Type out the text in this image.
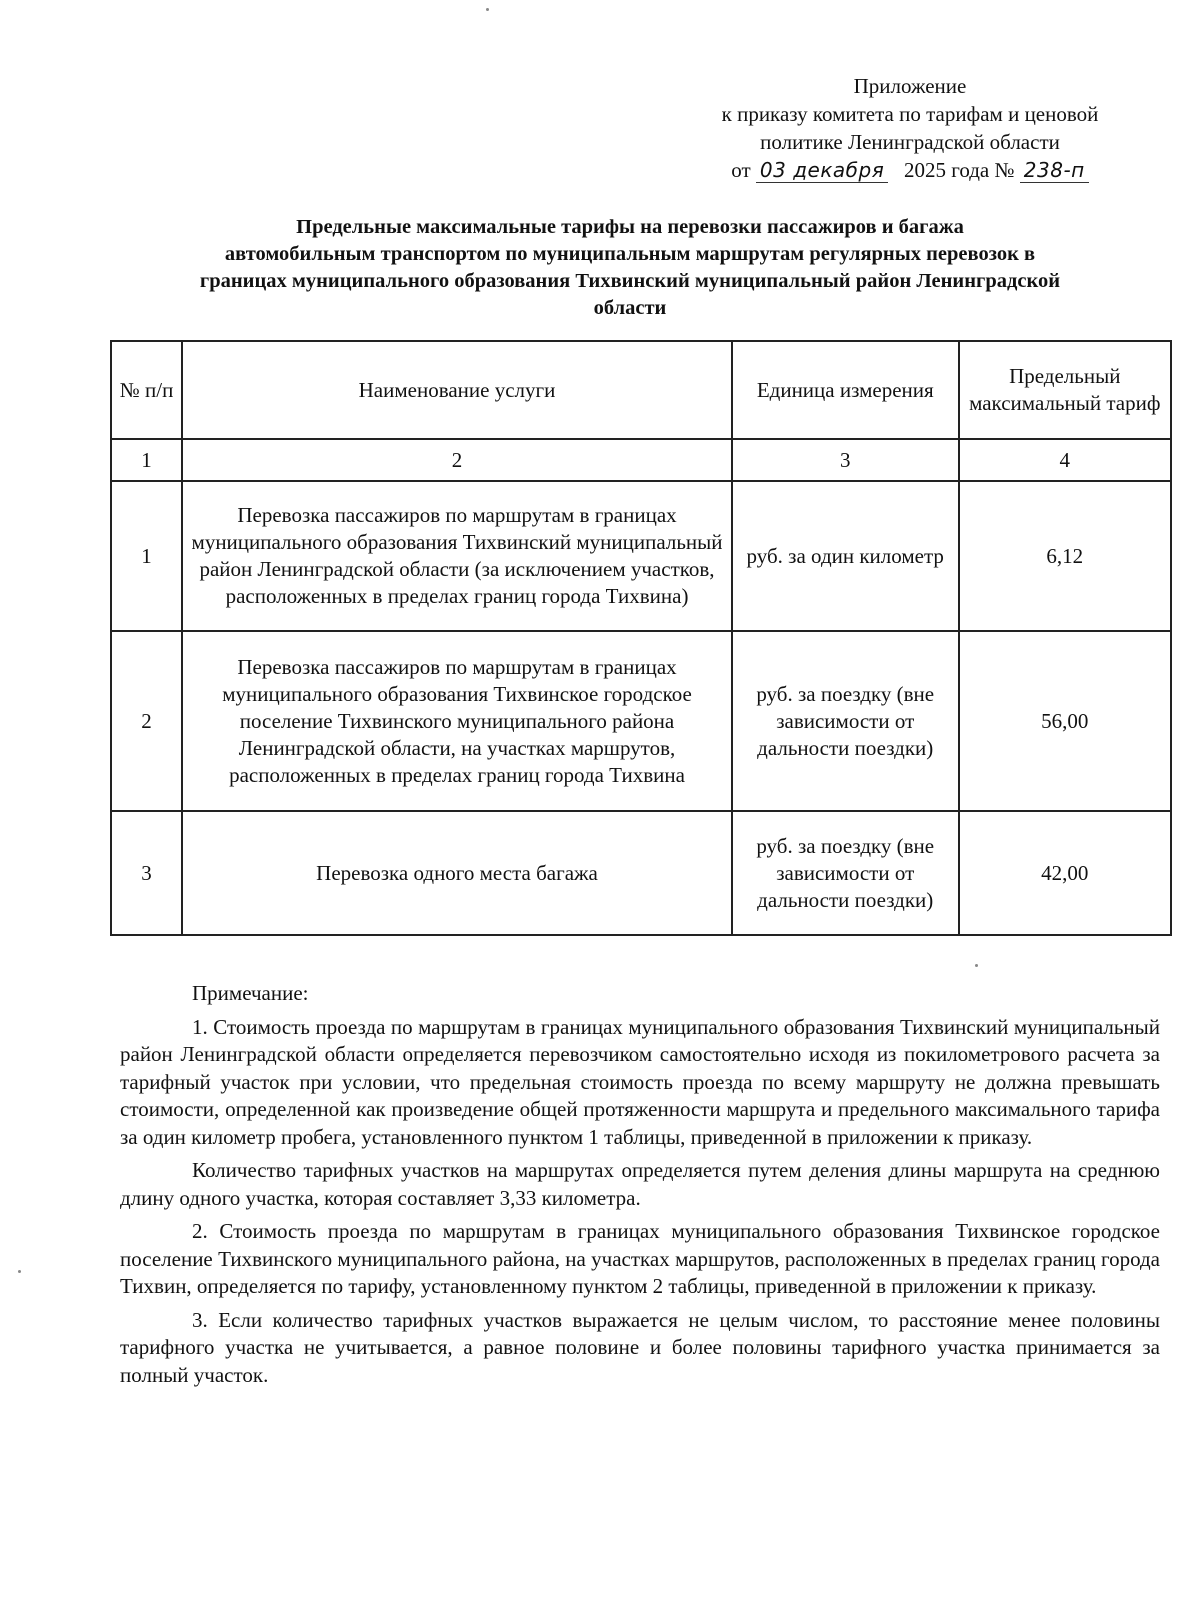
Приложение
к приказу комитета по тарифам и ценовой
политике Ленинградской области
от 03 декабря 2025 года № 238-п
Предельные максимальные тарифы на перевозки пассажиров и багажа
автомобильным транспортом по муниципальным маршрутам регулярных перевозок в
границах муниципального образования Тихвинский муниципальный район Ленинградской
области
№ п/п	Наименование услуги	Единица измерения	Предельный максимальный тариф
1	2	3	4
1	Перевозка пассажиров по маршрутам в границах муниципального образования Тихвинский муниципальный район Ленинградской области (за исключением участков, расположенных в пределах границ города Тихвина)	руб. за один километр	6,12
2	Перевозка пассажиров по маршрутам в границах муниципального образования Тихвинское городское поселение Тихвинского муниципального района Ленинградской области, на участках маршрутов, расположенных в пределах границ города Тихвина	руб. за поездку (вне зависимости от дальности поездки)	56,00
3	Перевозка одного места багажа	руб. за поездку (вне зависимости от дальности поездки)	42,00

Примечание:

1. Стоимость проезда по маршрутам в границах муниципального образования Тихвинский муниципальный район Ленинградской области определяется перевозчиком самостоятельно исходя из покилометрового расчета за тарифный участок при условии, что предельная стоимость проезда по всему маршруту не должна превышать стоимости, определенной как произведение общей протяженности маршрута и предельного максимального тарифа за один километр пробега, установленного пунктом 1 таблицы, приведенной в приложении к приказу.

Количество тарифных участков на маршрутах определяется путем деления длины маршрута на среднюю длину одного участка, которая составляет 3,33 километра.

2. Стоимость проезда по маршрутам в границах муниципального образования Тихвинское городское поселение Тихвинского муниципального района, на участках маршрутов, расположенных в пределах границ города Тихвин, определяется по тарифу, установленному пунктом 2 таблицы, приведенной в приложении к приказу.

3. Если количество тарифных участков выражается не целым числом, то расстояние менее половины тарифного участка не учитывается, а равное половине и более половины тарифного участка принимается за полный участок.
